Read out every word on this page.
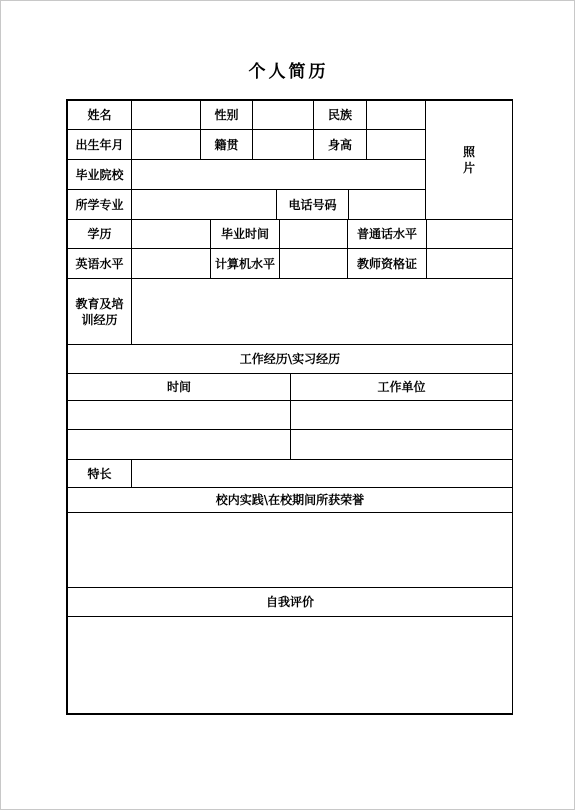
个人简历
姓名	性别	民族
照片
出生年月	籍贯	身高
毕业院校
所学专业	电话号码
学历	毕业时间	普通话水平
英语水平	计算机水平	教师资格证
教育及培
训经历
工作经历\实习经历
时间	工作单位
特长
校内实践\在校期间所获荣誉
自我评价
